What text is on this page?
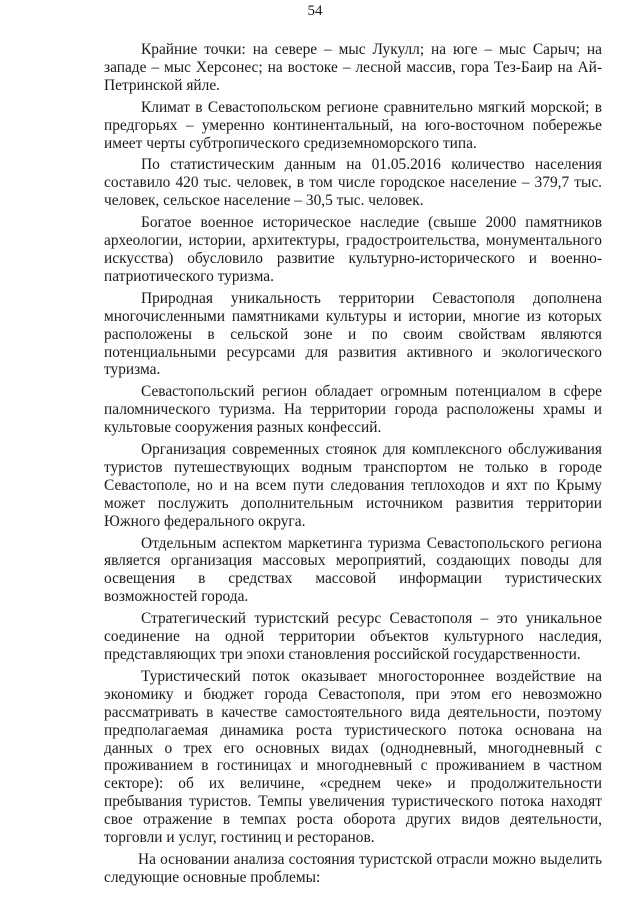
54

Крайние точки: на севере – мыс Лукулл; на юге – мыс Сарыч; на западе – мыс Херсонес; на востоке – лесной массив, гора Тез-Баир на Ай-Петринской яйле.

Климат в Севастопольском регионе сравнительно мягкий морской; в предгорьях – умеренно континентальный, на юго-восточном побережье имеет черты субтропического средиземноморского типа.

По статистическим данным на 01.05.2016 количество населения составило 420 тыс. человек, в том числе городское население – 379,7 тыс. человек, сельское население – 30,5 тыс. человек.

Богатое военное историческое наследие (свыше 2000 памятников археологии, истории, архитектуры, градостроительства, монументального искусства) обусловило развитие культурно-исторического и военно-патриотического туризма.

Природная уникальность территории Севастополя дополнена многочисленными памятниками культуры и истории, многие из которых расположены в сельской зоне и по своим свойствам являются потенциальными ресурсами для развития активного и экологического туризма.

Севастопольский регион обладает огромным потенциалом в сфере паломнического туризма. На территории города расположены храмы и культовые сооружения разных конфессий.

Организация современных стоянок для комплексного обслуживания туристов путешествующих водным транспортом не только в городе Севастополе, но и на всем пути следования теплоходов и яхт по Крыму может послужить дополнительным источником развития территории Южного федерального округа.

Отдельным аспектом маркетинга туризма Севастопольского региона является организация массовых мероприятий, создающих поводы для освещения в средствах массовой информации туристических возможностей города.

Стратегический туристский ресурс Севастополя – это уникальное соединение на одной территории объектов культурного наследия, представляющих три эпохи становления российской государственности.

Туристический поток оказывает многостороннее воздействие на экономику и бюджет города Севастополя, при этом его невозможно рассматривать в качестве самостоятельного вида деятельности, поэтому предполагаемая динамика роста туристического потока основана на данных о трех его основных видах (однодневный, многодневный с проживанием в гостиницах и многодневный с проживанием в частном секторе): об их величине, «среднем чеке» и продолжительности пребывания туристов. Темпы увеличения туристического потока находят свое отражение в темпах роста оборота других видов деятельности, торговли и услуг, гостиниц и ресторанов.

На основании анализа состояния туристской отрасли можно выделить следующие основные проблемы:
